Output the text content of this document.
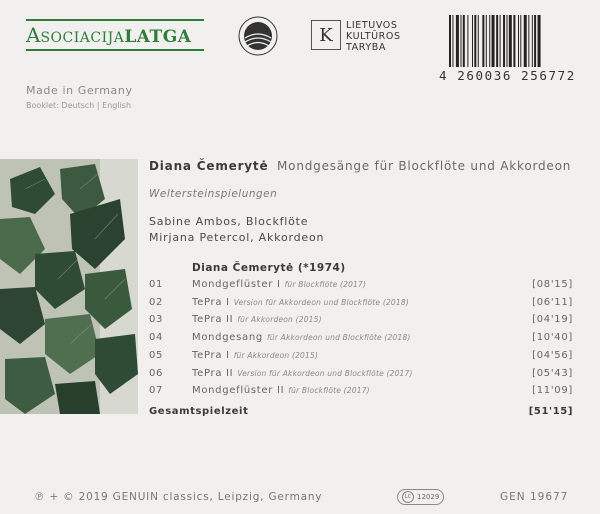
ASOCIACIJALATGA	K LIETUVOS
KULTŪROS
TARYBA
4 260036 256772
Made in Germany
Booklet: Deutsch | English
Diana Čemerytė Mondgesänge für Blockflöte und Akkordeon
Weltersteinspielungen
Sabine Ambos, Blockflöte
Mirjana Petercol, Akkordeon
Diana Čemerytė (*1974)
01	Mondgeflüster I für Blockflöte (2017)	[08'15]
02	TePra I Version für Akkordeon und Blockflöte (2018)	[06'11]
03	TePra II für Akkordeon (2015)	[04'19]
04	Mondgesang für Akkordeon und Blockflöte (2018)	[10'40]
05	TePra I für Akkordeon (2015)	[04'56]
06	TePra II Version für Akkordeon und Blockflöte (2017)	[05'43]
07	Mondgeflüster II für Blockflöte (2017)	[11'09]
Gesamtspielzeit	[51'15]
℗ + © 2019 GENUIN classics, Leipzig, Germany	LC 12029	GEN 19677
